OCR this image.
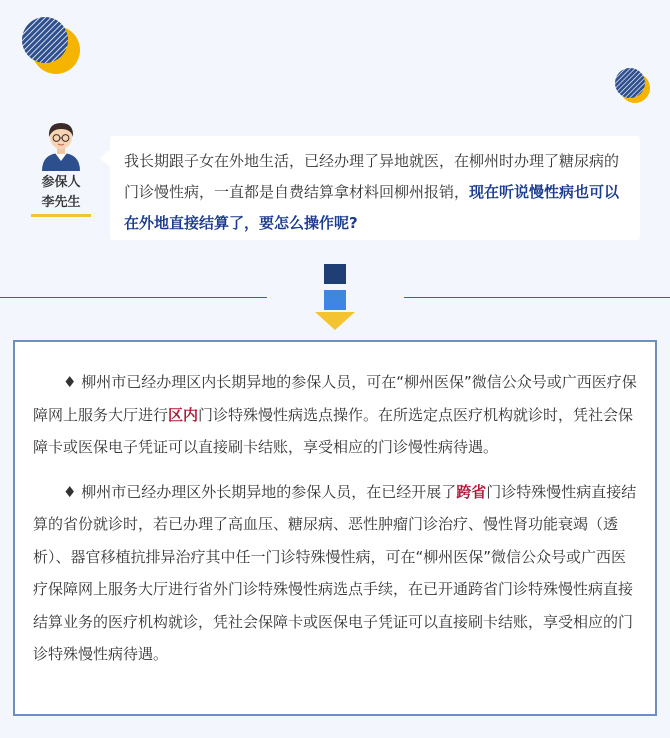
参保人

李先生

我长期跟子女在外地生活，已经办理了异地就医，在柳州时办理了糖尿病的门诊慢性病，一直都是自费结算拿材料回柳州报销，现在听说慢性病也可以在外地直接结算了，要怎么操作呢?

♦ 柳州市已经办理区内长期异地的参保人员，可在“柳州医保”微信公众号或广西医疗保障网上服务大厅进行区内门诊特殊慢性病选点操作。在所选定点医疗机构就诊时，凭社会保障卡或医保电子凭证可以直接刷卡结账，享受相应的门诊慢性病待遇。

♦ 柳州市已经办理区外长期异地的参保人员，在已经开展了跨省门诊特殊慢性病直接结算的省份就诊时，若已办理了高血压、糖尿病、恶性肿瘤门诊治疗、慢性肾功能衰竭（透析）、器官移植抗排异治疗其中任一门诊特殊慢性病，可在“柳州医保”微信公众号或广西医疗保障网上服务大厅进行省外门诊特殊慢性病选点手续，在已开通跨省门诊特殊慢性病直接结算业务的医疗机构就诊，凭社会保障卡或医保电子凭证可以直接刷卡结账，享受相应的门诊特殊慢性病待遇。
